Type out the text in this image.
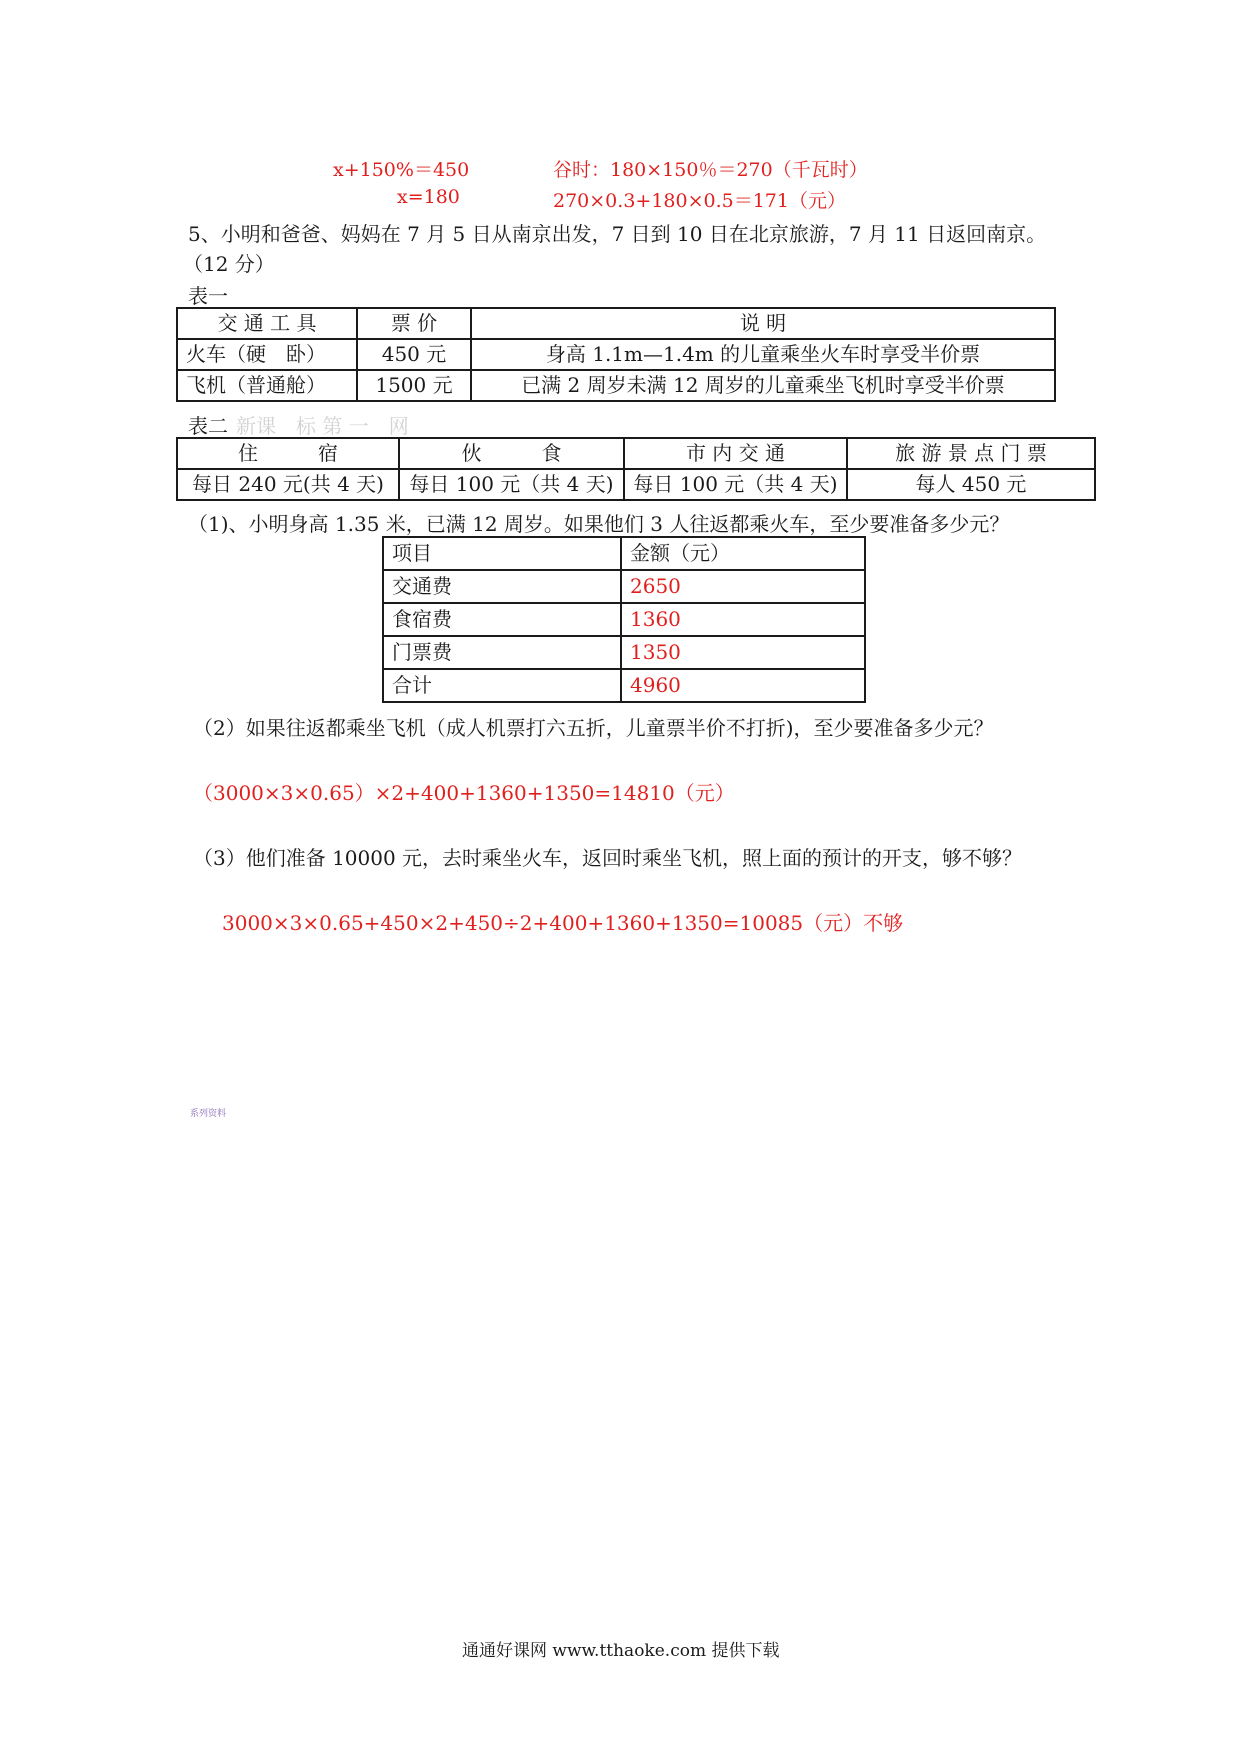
x+150%＝450	谷时：180×150％＝270（千瓦时）
x=180	270×0.3+180×0.5＝171（元）
5、小明和爸爸、妈妈在 7 月 5 日从南京出发，7 日到 10 日在北京旅游，7 月 11 日返回南京。
（12 分）
表一
交 通 工 具	票 价	说 明
火车（硬　卧）	450 元	身高 1.1m—1.4m 的儿童乘坐火车时享受半价票
飞机（普通舱）	1500 元	已满 2 周岁未满 12 周岁的儿童乘坐飞机时享受半价票
表二 新课　标 第 一　网
住　　　宿	伙　　　食	市 内 交 通	旅 游 景 点 门 票
每日 240 元(共 4 天)	每日 100 元（共 4 天)	每日 100 元（共 4 天)	每人 450 元
（1)、小明身高 1.35 米，已满 12 周岁。如果他们 3 人往返都乘火车，至少要准备多少元？
项目	金额（元）
交通费	2650
食宿费	1360
门票费	1350
合计	4960
（2）如果往返都乘坐飞机（成人机票打六五折，儿童票半价不打折)，至少要准备多少元？
（3000×3×0.65）×2+400+1360+1350=14810（元）
（3）他们准备 10000 元，去时乘坐火车，返回时乘坐飞机，照上面的预计的开支，够不够？
3000×3×0.65+450×2+450÷2+400+1360+1350=10085（元）不够
系列资料
通通好课网 www.tthaoke.com 提供下载
